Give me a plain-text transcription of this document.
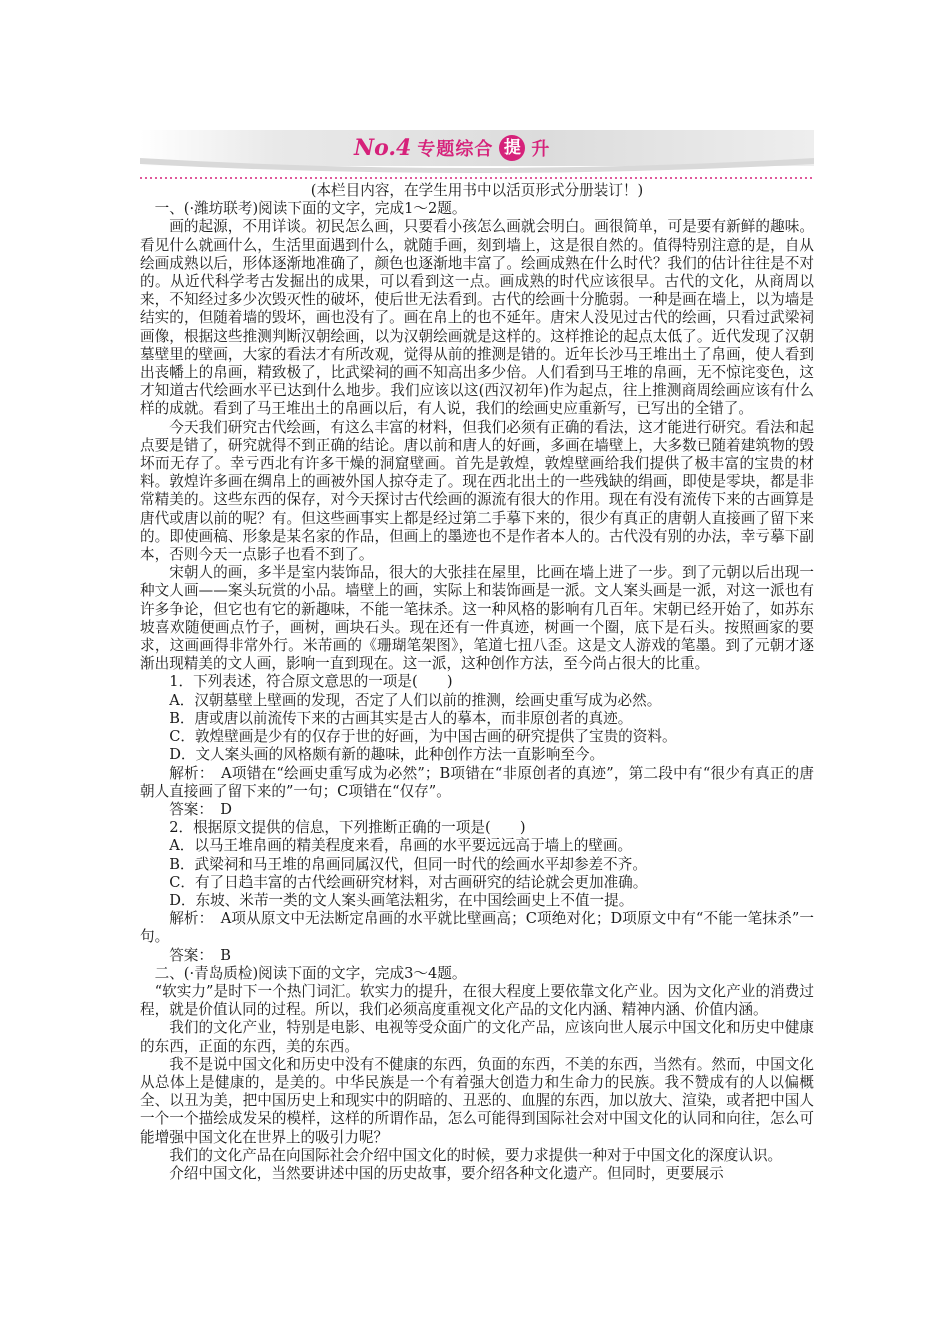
No.4 专题综合 提 升

(本栏目内容，在学生用书中以活页形式分册装订！)

一、(·潍坊联考)阅读下面的文字，完成1～2题。

画的起源，不用详谈。初民怎么画，只要看小孩怎么画就会明白。画很简单，可是要有新鲜的趣味。看见什么就画什么，生活里面遇到什么，就随手画，刻到墙上，这是很自然的。值得特别注意的是，自从绘画成熟以后，形体逐渐地准确了，颜色也逐渐地丰富了。绘画成熟在什么时代？我们的估计往往是不对的。从近代科学考古发掘出的成果，可以看到这一点。画成熟的时代应该很早。古代的文化，从商周以来，不知经过多少次毁灭性的破坏，使后世无法看到。古代的绘画十分脆弱。一种是画在墙上，以为墙是结实的，但随着墙的毁坏，画也没有了。画在帛上的也不延年。唐宋人没见过古代的绘画，只看过武梁祠画像，根据这些推测判断汉朝绘画，以为汉朝绘画就是这样的。这样推论的起点太低了。近代发现了汉朝墓壁里的壁画，大家的看法才有所改观，觉得从前的推测是错的。近年长沙马王堆出土了帛画，使人看到出丧幡上的帛画，精致极了，比武梁祠的画不知高出多少倍。人们看到马王堆的帛画，无不惊诧变色，这才知道古代绘画水平已达到什么地步。我们应该以这(西汉初年)作为起点，往上推测商周绘画应该有什么样的成就。看到了马王堆出土的帛画以后，有人说，我们的绘画史应重新写，已写出的全错了。

今天我们研究古代绘画，有这么丰富的材料，但我们必须有正确的看法，这才能进行研究。看法和起点要是错了，研究就得不到正确的结论。唐以前和唐人的好画，多画在墙壁上，大多数已随着建筑物的毁坏而无存了。幸亏西北有许多干燥的洞窟壁画。首先是敦煌，敦煌壁画给我们提供了极丰富的宝贵的材料。敦煌许多画在绸帛上的画被外国人掠夺走了。现在西北出土的一些残缺的绢画，即使是零块，都是非常精美的。这些东西的保存，对今天探讨古代绘画的源流有很大的作用。现在有没有流传下来的古画算是唐代或唐以前的呢？有。但这些画事实上都是经过第二手摹下来的，很少有真正的唐朝人直接画了留下来的。即使画稿、形象是某名家的作品，但画上的墨迹也不是作者本人的。古代没有别的办法，幸亏摹下副本，否则今天一点影子也看不到了。

宋朝人的画，多半是室内装饰品，很大的大张挂在屋里，比画在墙上进了一步。到了元朝以后出现一种文人画——案头玩赏的小品。墙壁上的画，实际上和装饰画是一派。文人案头画是一派，对这一派也有许多争论，但它也有它的新趣味，不能一笔抹杀。这一种风格的影响有几百年。宋朝已经开始了，如苏东坡喜欢随便画点竹子，画树，画块石头。现在还有一件真迹，树画一个圈，底下是石头。按照画家的要求，这画画得非常外行。米芾画的《珊瑚笔架图》，笔道七扭八歪。这是文人游戏的笔墨。到了元朝才逐渐出现精美的文人画，影响一直到现在。这一派，这种创作方法，至今尚占很大的比重。

1．下列表述，符合原文意思的一项是(　　)

A．汉朝墓壁上壁画的发现，否定了人们以前的推测，绘画史重写成为必然。

B．唐或唐以前流传下来的古画其实是古人的摹本，而非原创者的真迹。

C．敦煌壁画是少有的仅存于世的好画，为中国古画的研究提供了宝贵的资料。

D．文人案头画的风格颇有新的趣味，此种创作方法一直影响至今。

解析：　A项错在“绘画史重写成为必然”；B项错在“非原创者的真迹”，第二段中有“很少有真正的唐朝人直接画了留下来的”一句；C项错在“仅存”。

答案：　D

2．根据原文提供的信息，下列推断正确的一项是(　　)

A．以马王堆帛画的精美程度来看，帛画的水平要远远高于墙上的壁画。

B．武梁祠和马王堆的帛画同属汉代，但同一时代的绘画水平却参差不齐。

C．有了日趋丰富的古代绘画研究材料，对古画研究的结论就会更加准确。

D．东坡、米芾一类的文人案头画笔法粗劣，在中国绘画史上不值一提。

解析：　A项从原文中无法断定帛画的水平就比壁画高；C项绝对化；D项原文中有“不能一笔抹杀”一句。

答案：　B

二、(·青岛质检)阅读下面的文字，完成3～4题。

“软实力”是时下一个热门词汇。软实力的提升，在很大程度上要依靠文化产业。因为文化产业的消费过程，就是价值认同的过程。所以，我们必须高度重视文化产品的文化内涵、精神内涵、价值内涵。

我们的文化产业，特别是电影、电视等受众面广的文化产品，应该向世人展示中国文化和历史中健康的东西，正面的东西，美的东西。

我不是说中国文化和历史中没有不健康的东西，负面的东西，不美的东西，当然有。然而，中国文化从总体上是健康的，是美的。中华民族是一个有着强大创造力和生命力的民族。我不赞成有的人以偏概全、以丑为美，把中国历史上和现实中的阴暗的、丑恶的、血腥的东西，加以放大、渲染，或者把中国人一个一个描绘成发呆的模样，这样的所谓作品，怎么可能得到国际社会对中国文化的认同和向往，怎么可能增强中国文化在世界上的吸引力呢？

我们的文化产品在向国际社会介绍中国文化的时候，要力求提供一种对于中国文化的深度认识。

介绍中国文化，当然要讲述中国的历史故事，要介绍各种文化遗产。但同时，更要展示
